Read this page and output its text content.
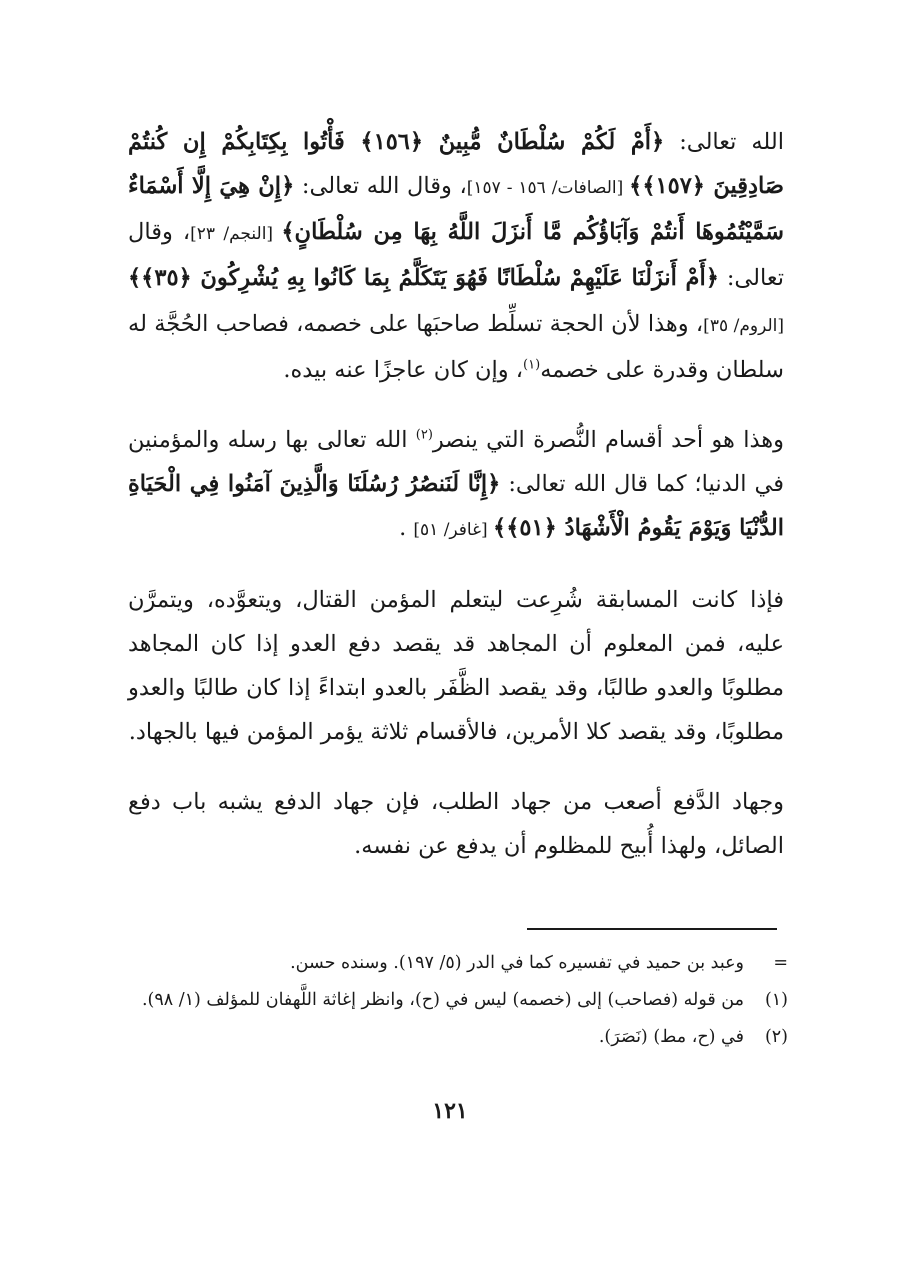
الله تعالى: ﴿أَمْ لَكُمْ سُلْطَانٌ مُّبِينٌ ﴿١٥٦﴾ فَأْتُوا بِكِتَابِكُمْ إِن كُنتُمْ صَادِقِينَ ﴿١٥٧﴾﴾ [الصافات/ ١٥٦ - ١٥٧]، وقال الله تعالى: ﴿إِنْ هِيَ إِلَّا أَسْمَاءٌ سَمَّيْتُمُوهَا أَنتُمْ وَآبَاؤُكُم مَّا أَنزَلَ اللَّهُ بِهَا مِن سُلْطَانٍ﴾ [النجم/ ٢٣]، وقال تعالى: ﴿أَمْ أَنزَلْنَا عَلَيْهِمْ سُلْطَانًا فَهُوَ يَتَكَلَّمُ بِمَا كَانُوا بِهِ يُشْرِكُونَ ﴿٣٥﴾﴾ [الروم/ ٣٥]، وهذا لأن الحجة تسلِّط صاحبَها على خصمه، فصاحب الحُجَّة له سلطان وقدرة على خصمه$^{(١)}$، وإن كان عاجزًا عنه بيده.

وهذا هو أحد أقسام النُّصرة التي ينصر$^{(٢)}$ الله تعالى بها رسله والمؤمنين في الدنيا؛ كما قال الله تعالى: ﴿إِنَّا لَنَنصُرُ رُسُلَنَا وَالَّذِينَ آمَنُوا فِي الْحَيَاةِ الدُّنْيَا وَيَوْمَ يَقُومُ الْأَشْهَادُ ﴿٥١﴾﴾ [غافر/ ٥١] .

فإذا كانت المسابقة شُرِعت ليتعلم المؤمن القتال، ويتعوَّده، ويتمرَّن عليه، فمن المعلوم أن المجاهد قد يقصد دفع العدو إذا كان المجاهد مطلوبًا والعدو طالبًا، وقد يقصد الظَّفَر بالعدو ابتداءً إذا كان طالبًا والعدو مطلوبًا، وقد يقصد كلا الأمرين، فالأقسام ثلاثة يؤمر المؤمن فيها بالجهاد.

وجهاد الدَّفع أصعب من جهاد الطلب، فإن جهاد الدفع يشبه باب دفع الصائل، ولهذا أُبيح للمظلوم أن يدفع عن نفسه.

=
وعبد بن حميد في تفسيره كما في الدر (٥/ ١٩٧). وسنده حسن.
(١)
من قوله (فصاحب) إلى (خصمه) ليس في (ح)، وانظر إغاثة اللَّهفان للمؤلف (١/ ٩٨).
(٢)
في (ح، مط) (نَصَرَ).
١٢١
